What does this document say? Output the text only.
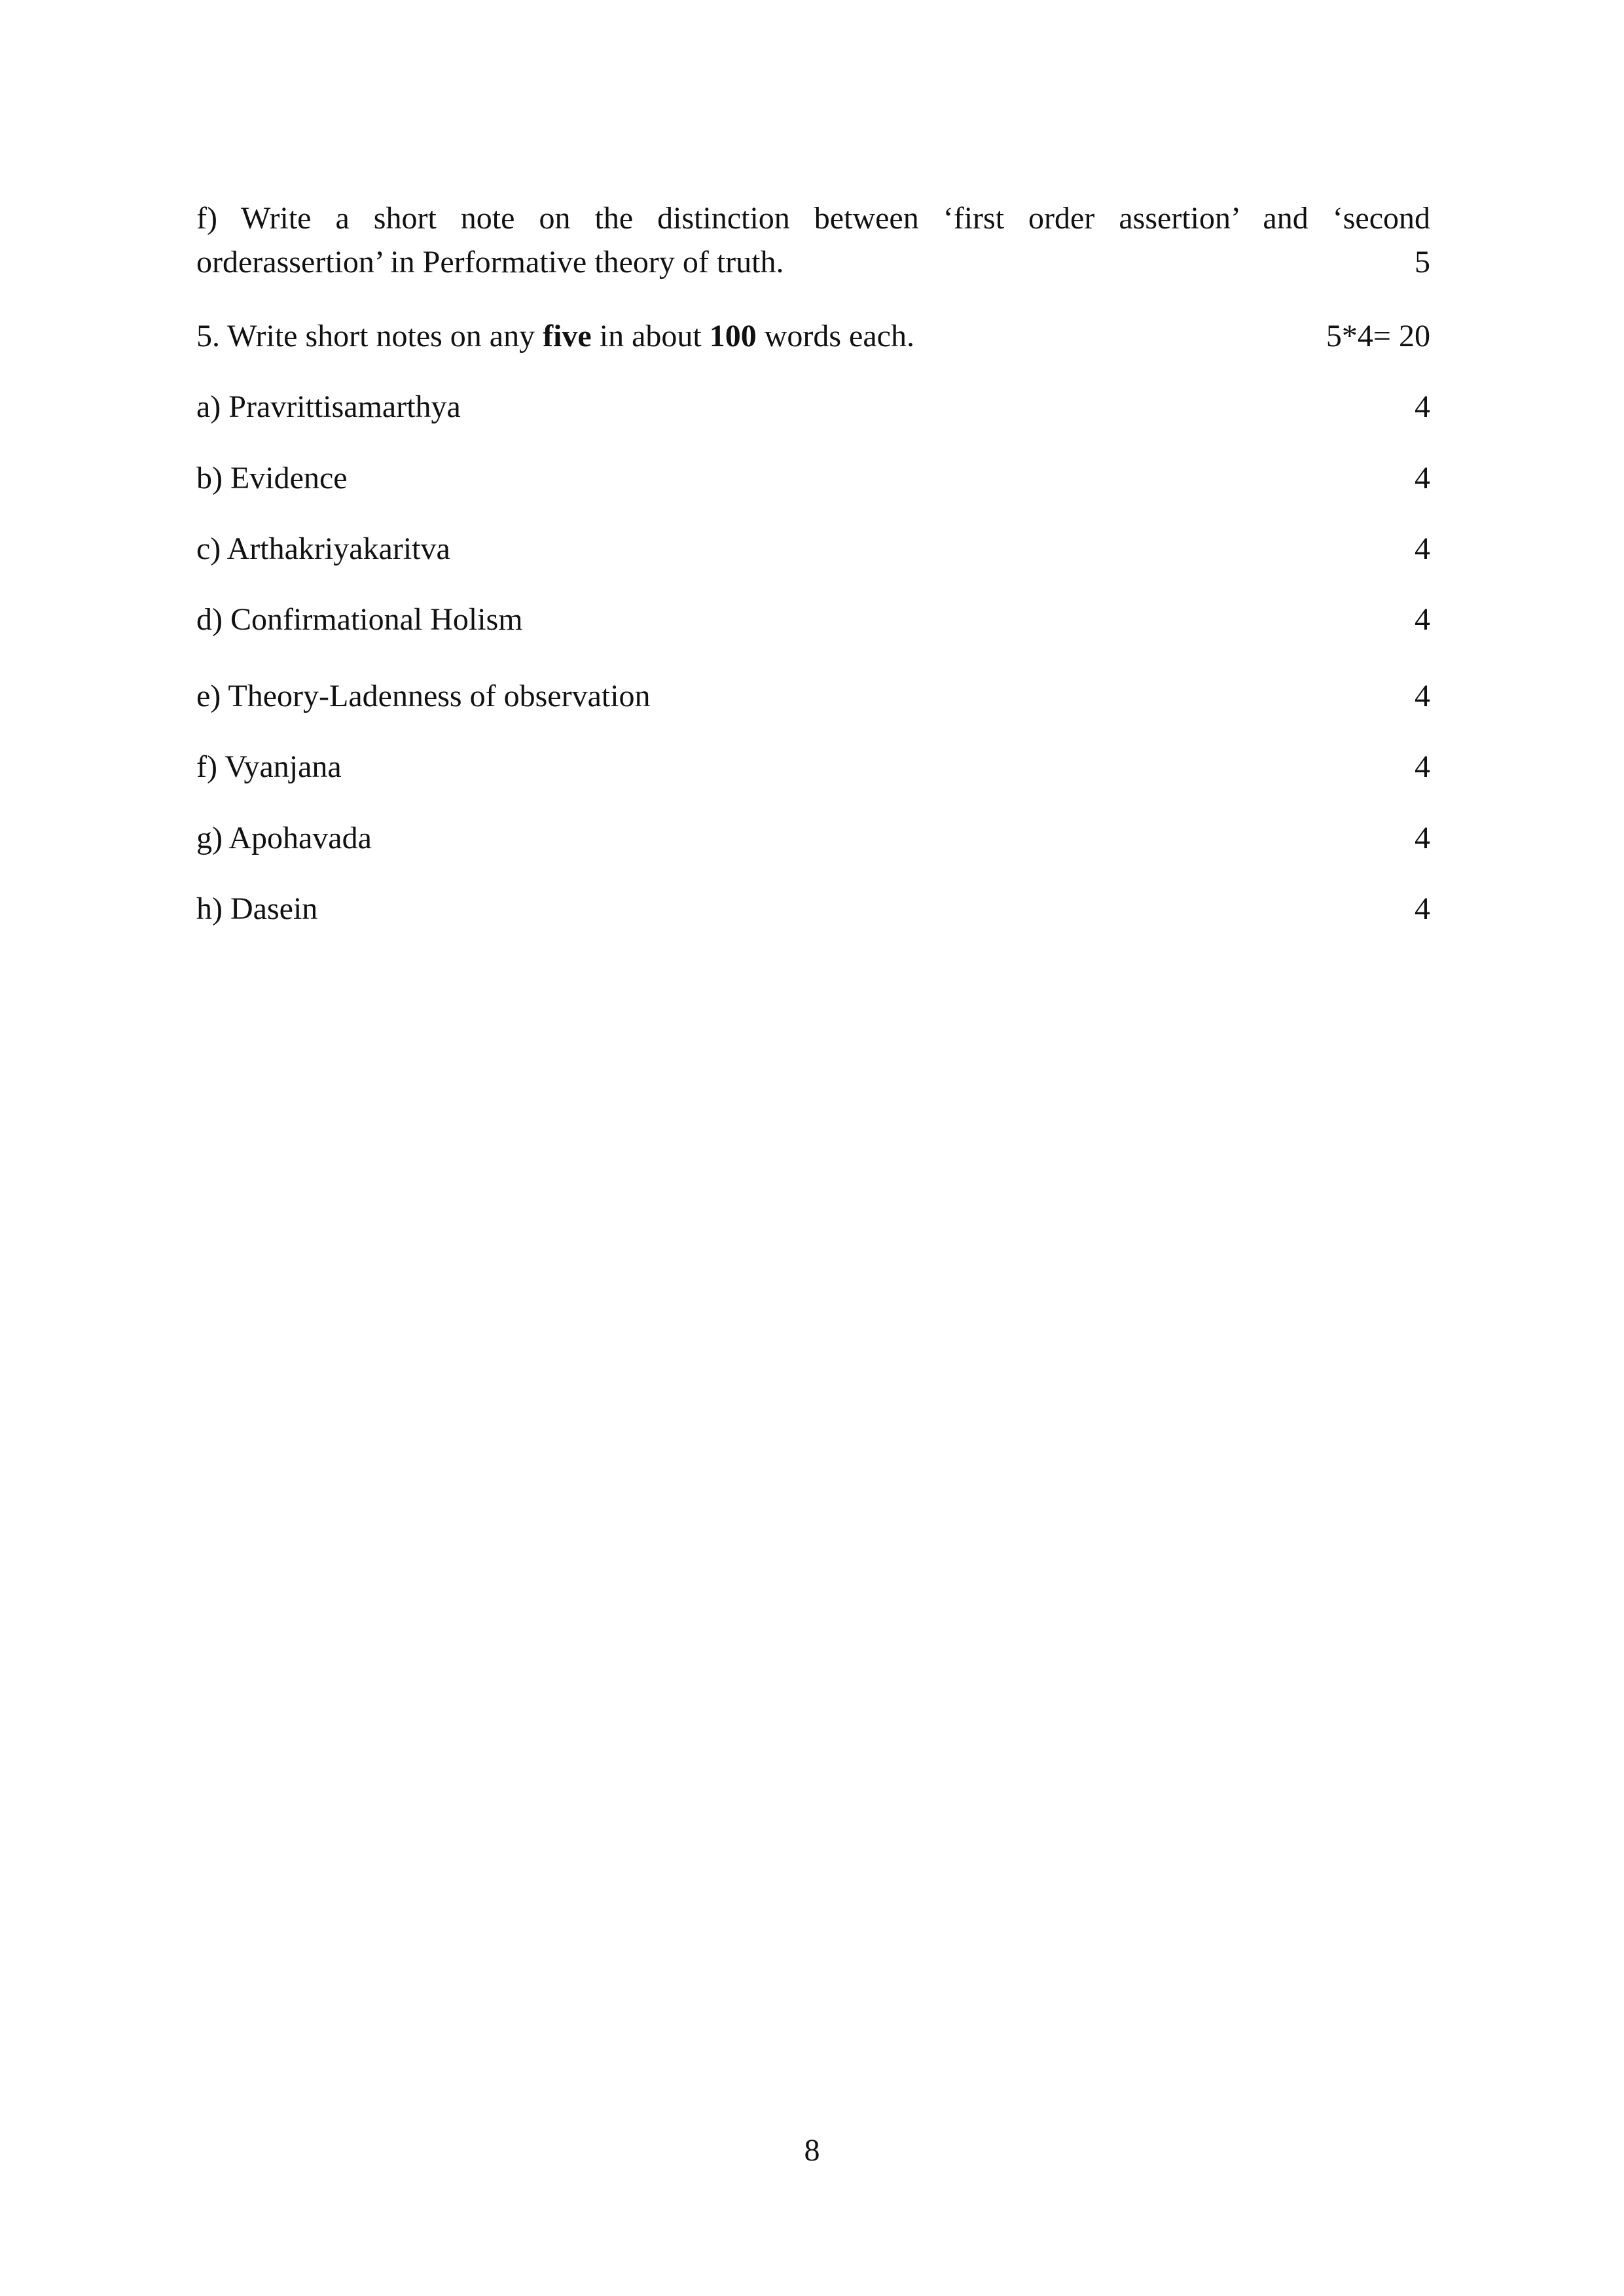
f) Write a short note on the distinction between ‘first order assertion’ and ‘second
orderassertion’ in Performative theory of truth.	5
5. Write short notes on any five in about 100 words each.	5*4= 20
a) Pravrittisamarthya	4
b) Evidence	4
c) Arthakriyakaritva	4
d) Confirmational Holism	4
e) Theory-Ladenness of observation	4
f) Vyanjana	4
g) Apohavada	4
h) Dasein	4
8
